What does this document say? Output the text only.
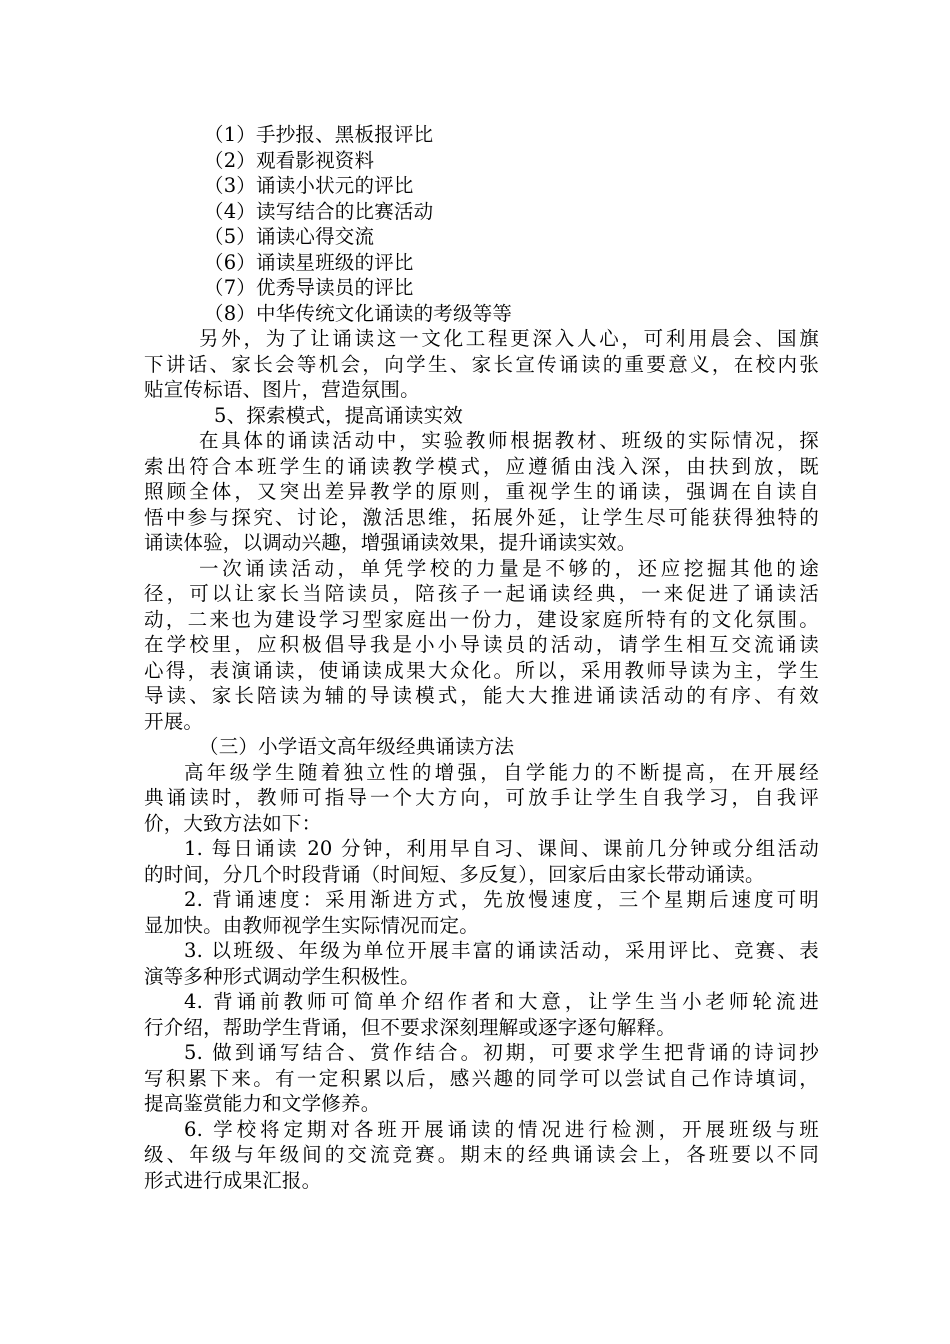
（1）手抄报、黑板报评比
（2）观看影视资料
（3）诵读小状元的评比
（4）读写结合的比赛活动
（5）诵读心得交流
（6）诵读星班级的评比
（7）优秀导读员的评比
（8）中华传统文化诵读的考级等等
另外，为了让诵读这一文化工程更深入人心，可利用晨会、国旗
下讲话、家长会等机会，向学生、家长宣传诵读的重要意义，在校内张
贴宣传标语、图片，营造氛围。
5、探索模式，提高诵读实效
在具体的诵读活动中，实验教师根据教材、班级的实际情况，探
索出符合本班学生的诵读教学模式，应遵循由浅入深，由扶到放，既
照顾全体，又突出差异教学的原则，重视学生的诵读，强调在自读自
悟中参与探究、讨论，激活思维，拓展外延，让学生尽可能获得独特的
诵读体验，以调动兴趣，增强诵读效果，提升诵读实效。
一次诵读活动，单凭学校的力量是不够的，还应挖掘其他的途
径，可以让家长当陪读员，陪孩子一起诵读经典，一来促进了诵读活
动，二来也为建设学习型家庭出一份力，建设家庭所特有的文化氛围。
在学校里，应积极倡导我是小小导读员的活动，请学生相互交流诵读
心得，表演诵读，使诵读成果大众化。所以，采用教师导读为主，学生
导读、家长陪读为辅的导读模式，能大大推进诵读活动的有序、有效
开展。
（三）小学语文高年级经典诵读方法
高年级学生随着独立性的增强，自学能力的不断提高，在开展经
典诵读时，教师可指导一个大方向，可放手让学生自我学习，自我评
价，大致方法如下：
1. 每日诵读 20 分钟，利用早自习、课间、课前几分钟或分组活动
的时间，分几个时段背诵（时间短、多反复），回家后由家长带动诵读。
2. 背诵速度：采用渐进方式，先放慢速度，三个星期后速度可明
显加快。由教师视学生实际情况而定。
3. 以班级、年级为单位开展丰富的诵读活动，采用评比、竞赛、表
演等多种形式调动学生积极性。
4. 背诵前教师可简单介绍作者和大意，让学生当小老师轮流进
行介绍，帮助学生背诵，但不要求深刻理解或逐字逐句解释。
5. 做到诵写结合、赏作结合。初期，可要求学生把背诵的诗词抄
写积累下来。有一定积累以后，感兴趣的同学可以尝试自己作诗填词，
提高鉴赏能力和文学修养。
6. 学校将定期对各班开展诵读的情况进行检测，开展班级与班
级、年级与年级间的交流竞赛。期末的经典诵读会上，各班要以不同
形式进行成果汇报。
